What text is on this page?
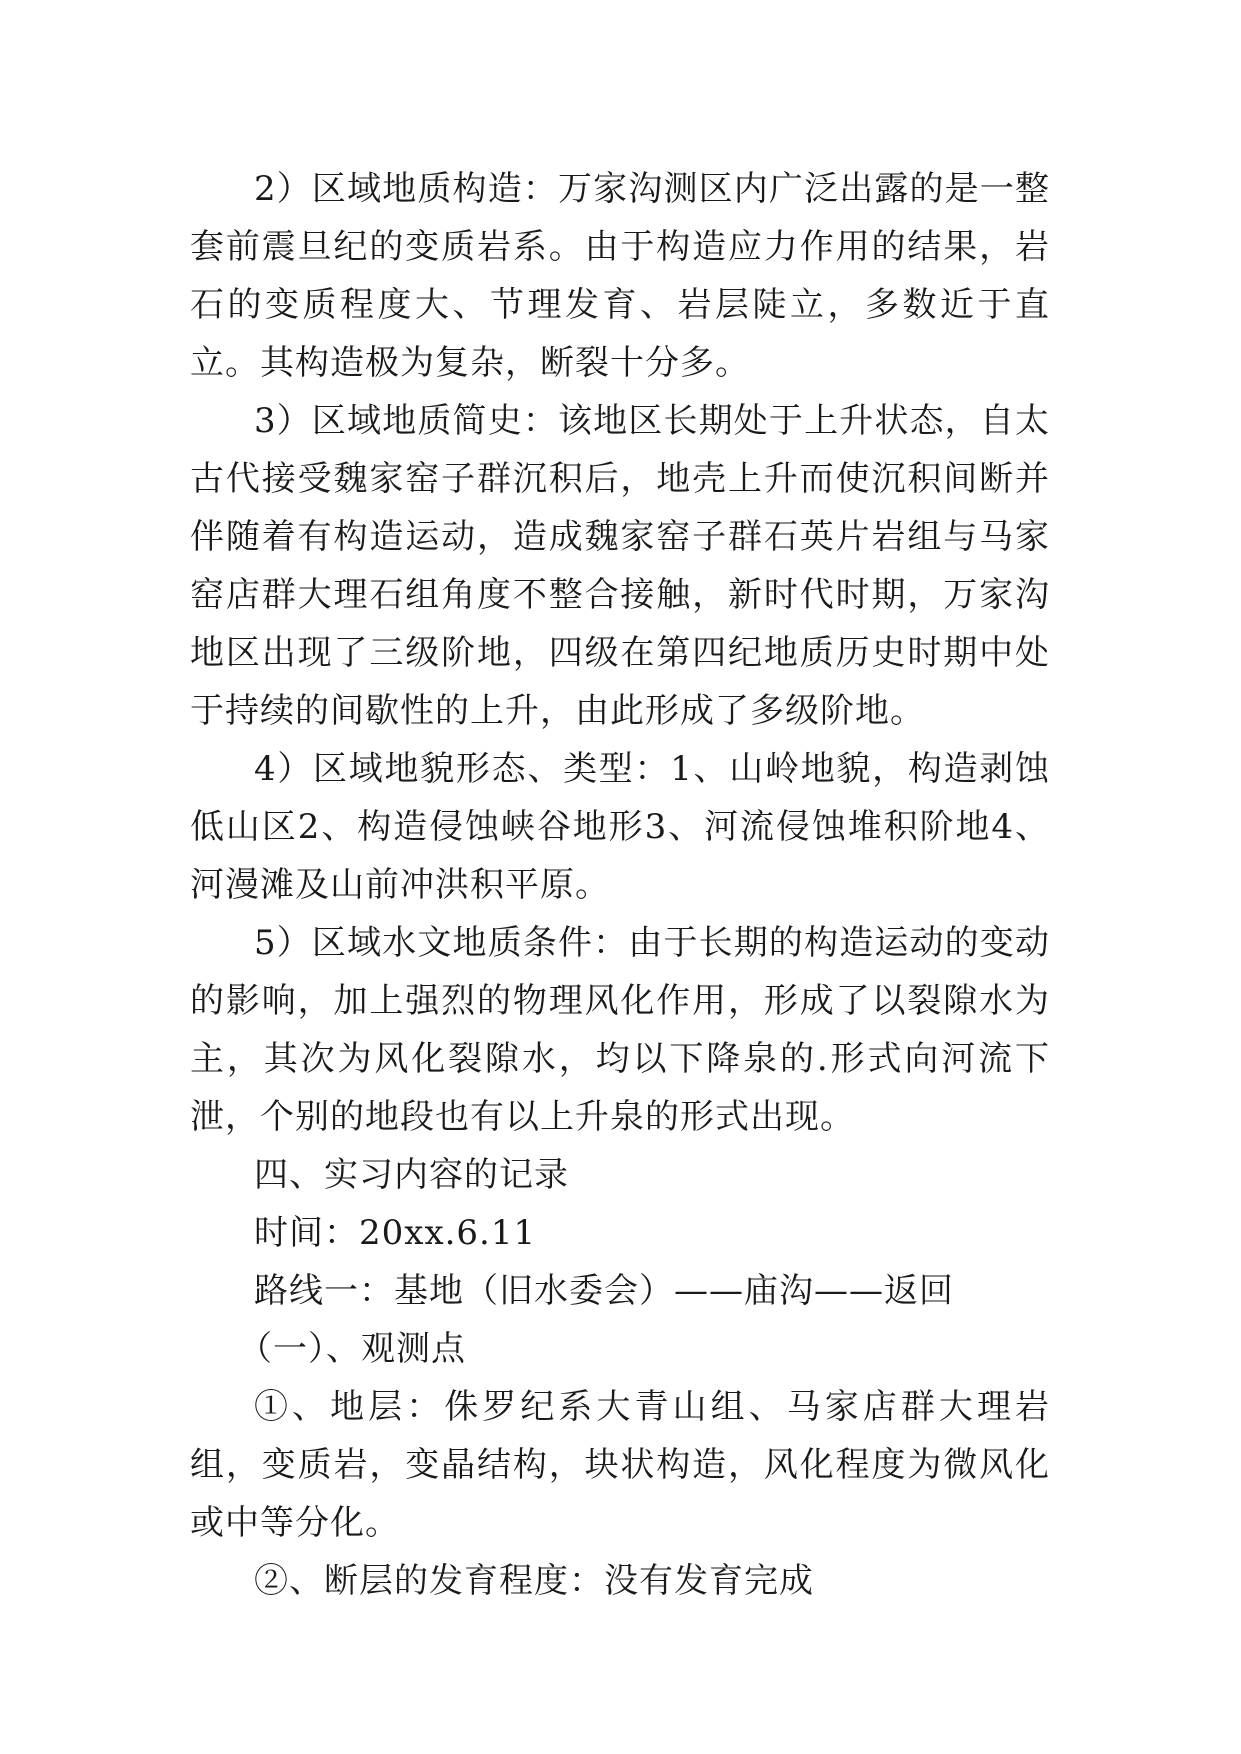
2）区域地质构造：万家沟测区内广泛出露的是一整套前震旦纪的变质岩系。由于构造应力作用的结果，岩石的变质程度大、节理发育、岩层陡立，多数近于直立。其构造极为复杂，断裂十分多。

3）区域地质简史：该地区长期处于上升状态，自太古代接受魏家窑子群沉积后，地壳上升而使沉积间断并伴随着有构造运动，造成魏家窑子群石英片岩组与马家窑店群大理石组角度不整合接触，新时代时期，万家沟地区出现了三级阶地，四级在第四纪地质历史时期中处于持续的间歇性的上升，由此形成了多级阶地。

4）区域地貌形态、类型：1、山岭地貌，构造剥蚀低山区2、构造侵蚀峡谷地形3、河流侵蚀堆积阶地4、河漫滩及山前冲洪积平原。

5）区域水文地质条件：由于长期的构造运动的变动的影响，加上强烈的物理风化作用，形成了以裂隙水为主，其次为风化裂隙水，均以下降泉的.形式向河流下泄，个别的地段也有以上升泉的形式出现。

四、实习内容的记录

时间：20xx.6.11

路线一：基地（旧水委会）——庙沟——返回

（一）、观测点

①、地层：侏罗纪系大青山组、马家店群大理岩组，变质岩，变晶结构，块状构造，风化程度为微风化或中等分化。

②、断层的发育程度：没有发育完成
